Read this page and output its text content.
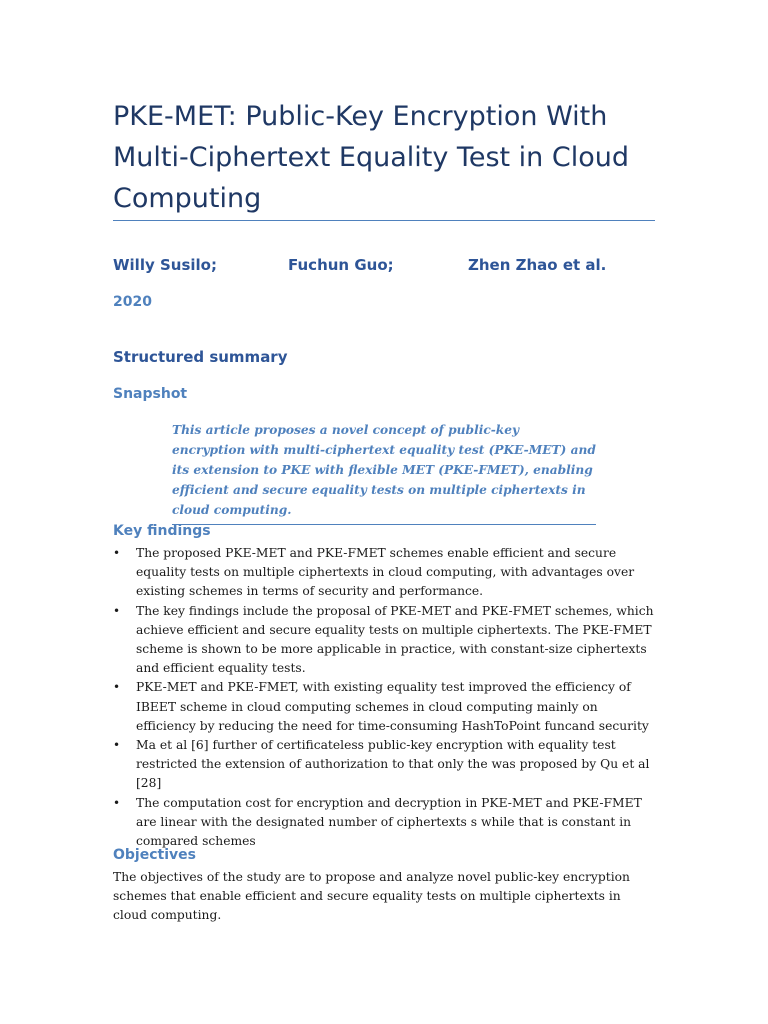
PKE-MET: Public-Key Encryption With Multi-Ciphertext Equality Test in Cloud Computing
Willy Susilo;	Fuchun Guo;	Zhen Zhao et al.
2020
Structured summary
Snapshot

This article proposes a novel concept of public-key encryption with multi-ciphertext equality test (PKE-MET) and its extension to PKE with flexible MET (PKE-FMET), enabling efficient and secure equality tests on multiple ciphertexts in cloud computing.

Key findings
• The proposed PKE-MET and PKE-FMET schemes enable efficient and secure equality tests on multiple ciphertexts in cloud computing, with advantages over existing schemes in terms of security and performance.
• The key findings include the proposal of PKE-MET and PKE-FMET schemes, which achieve efficient and secure equality tests on multiple ciphertexts. The PKE-FMET scheme is shown to be more applicable in practice, with constant-size ciphertexts and efficient equality tests.
• PKE-MET and PKE-FMET, with existing equality test improved the efficiency of IBEET scheme in cloud computing schemes in cloud computing mainly on efficiency by reducing the need for time-consuming HashToPoint funcand security
• Ma et al [6] further of certificateless public-key encryption with equality test restricted the extension of authorization to that only the was proposed by Qu et al [28]
• The computation cost for encryption and decryption in PKE-MET and PKE-FMET are linear with the designated number of ciphertexts s while that is constant in compared schemes
Objectives

The objectives of the study are to propose and analyze novel public-key encryption schemes that enable efficient and secure equality tests on multiple ciphertexts in cloud computing.
